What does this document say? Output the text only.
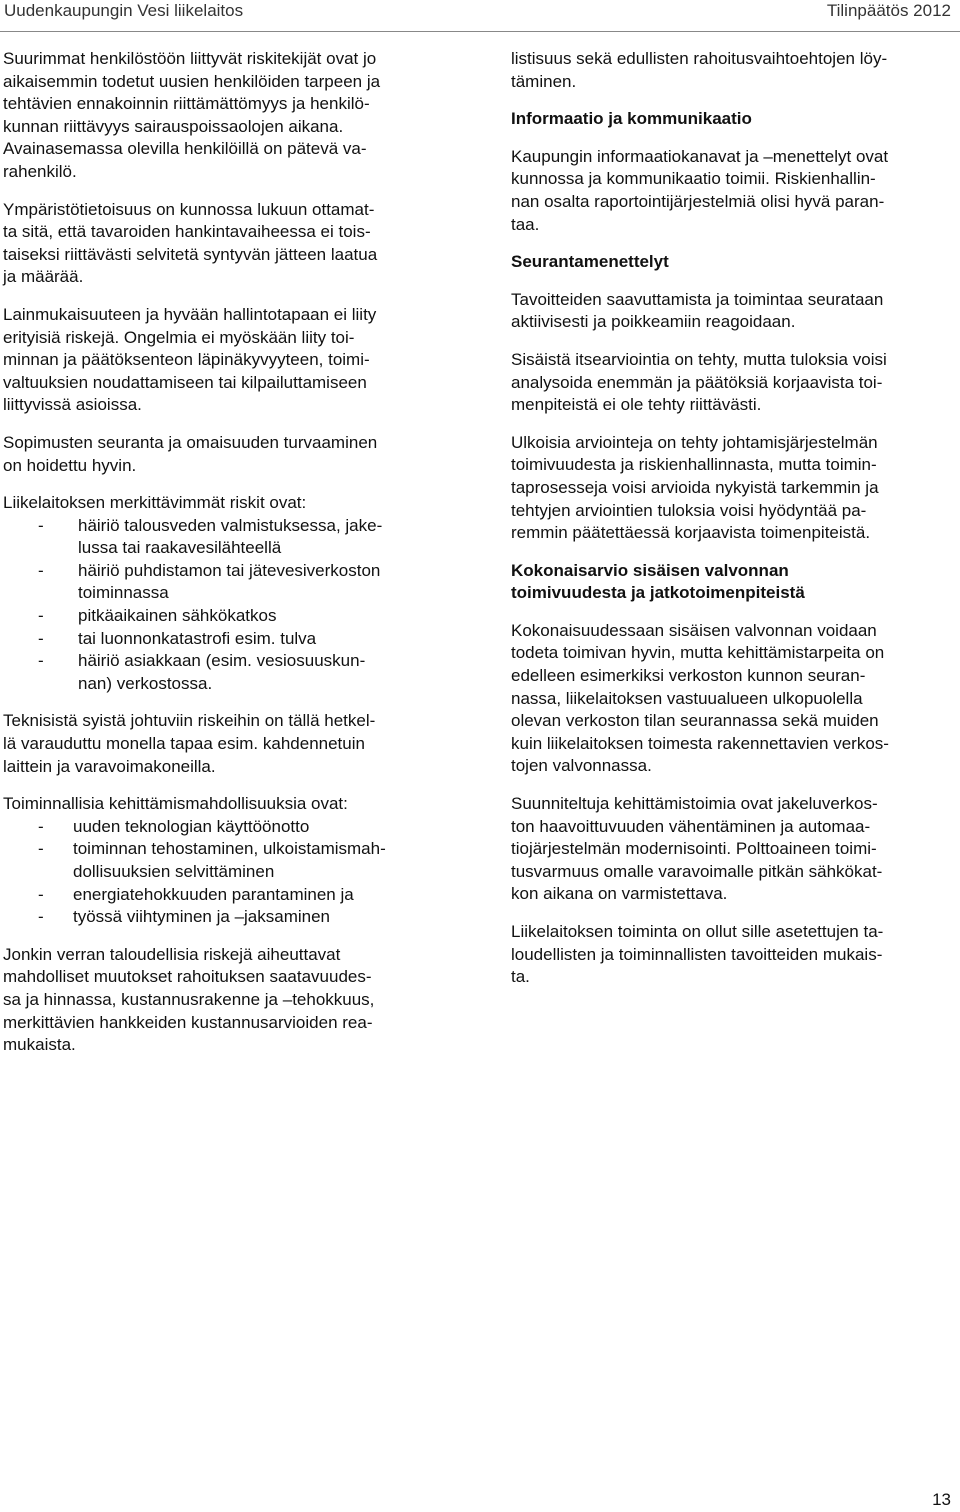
Uudenkaupungin Vesi liikelaitos	Tilinpäätös 2012

Suurimmat henkilöstöön liittyvät riskitekijät ovat jo
aikaisemmin todetut uusien henkilöiden tarpeen ja
tehtävien ennakoinnin riittämättömyys ja henkilö-
kunnan riittävyys sairauspoissaolojen aikana.
Avainasemassa olevilla henkilöillä on pätevä va-
rahenkilö.

Ympäristötietoisuus on kunnossa lukuun ottamat-
ta sitä, että tavaroiden hankintavaiheessa ei tois-
taiseksi riittävästi selvitetä syntyvän jätteen laatua
ja määrää.

Lainmukaisuuteen ja hyvään hallintotapaan ei liity
erityisiä riskejä. Ongelmia ei myöskään liity toi-
minnan ja päätöksenteon läpinäkyvyyteen, toimi-
valtuuksien noudattamiseen tai kilpailuttamiseen
liittyvissä asioissa.

Sopimusten seuranta ja omaisuuden turvaaminen
on hoidettu hyvin.

Liikelaitoksen merkittävimmät riskit ovat:

- häiriö talousveden valmistuksessa, jake-
lussa tai raakavesilähteellä
- häiriö puhdistamon tai jätevesiverkoston
toiminnassa
- pitkäaikainen sähkökatkos
- tai luonnonkatastrofi esim. tulva
- häiriö asiakkaan (esim. vesiosuuskun-
nan) verkostossa.

Teknisistä syistä johtuviin riskeihin on tällä hetkel-
lä varauduttu monella tapaa esim. kahdennetuin
laittein ja varavoimakoneilla.

Toiminnallisia kehittämismahdollisuuksia ovat:

- uuden teknologian käyttöönotto
- toiminnan tehostaminen, ulkoistamismah-
dollisuuksien selvittäminen
- energiatehokkuuden parantaminen ja
- työssä viihtyminen ja –jaksaminen

Jonkin verran taloudellisia riskejä aiheuttavat
mahdolliset muutokset rahoituksen saatavuudes-
sa ja hinnassa, kustannusrakenne ja –tehokkuus,
merkittävien hankkeiden kustannusarvioiden rea-
mukaista.

listisuus sekä edullisten rahoitusvaihtoehtojen löy-
täminen.

Informaatio ja kommunikaatio

Kaupungin informaatiokanavat ja –menettelyt ovat
kunnossa ja kommunikaatio toimii. Riskienhallin-
nan osalta raportointijärjestelmiä olisi hyvä paran-
taa.

Seurantamenettelyt

Tavoitteiden saavuttamista ja toimintaa seurataan
aktiivisesti ja poikkeamiin reagoidaan.

Sisäistä itsearviointia on tehty, mutta tuloksia voisi
analysoida enemmän ja päätöksiä korjaavista toi-
menpiteistä ei ole tehty riittävästi.

Ulkoisia arviointeja on tehty johtamisjärjestelmän
toimivuudesta ja riskienhallinnasta, mutta toimin-
taprosesseja voisi arvioida nykyistä tarkemmin ja
tehtyjen arviointien tuloksia voisi hyödyntää pa-
remmin päätettäessä korjaavista toimenpiteistä.

Kokonaisarvio sisäisen valvonnan
toimivuudesta ja jatkotoimenpiteistä

Kokonaisuudessaan sisäisen valvonnan voidaan
todeta toimivan hyvin, mutta kehittämistarpeita on
edelleen esimerkiksi verkoston kunnon seuran-
nassa, liikelaitoksen vastuualueen ulkopuolella
olevan verkoston tilan seurannassa sekä muiden
kuin liikelaitoksen toimesta rakennettavien verkos-
tojen valvonnassa.

Suunniteltuja kehittämistoimia ovat jakeluverkos-
ton haavoittuvuuden vähentäminen ja automaa-
tiojärjestelmän modernisointi. Polttoaineen toimi-
tusvarmuus omalle varavoimalle pitkän sähkökat-
kon aikana on varmistettava.

Liikelaitoksen toiminta on ollut sille asetettujen ta-
loudellisten ja toiminnallisten tavoitteiden mukais-
ta.

13
